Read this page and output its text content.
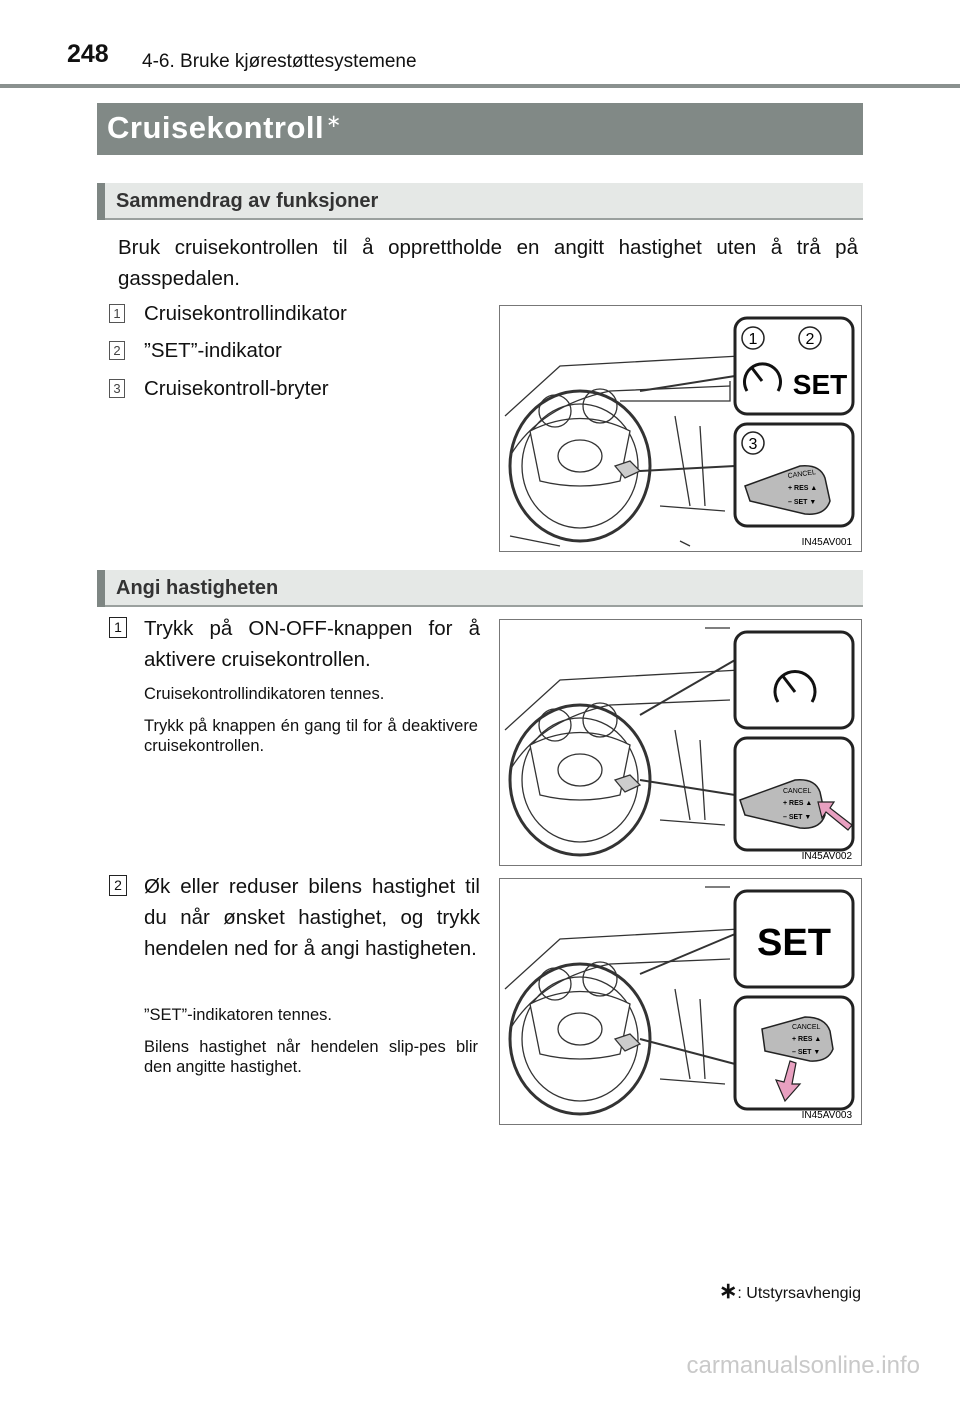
248 4-6. Bruke kjørestøttesystemene
Cruisekontroll ∗
Sammendrag av funksjoner
Bruk cruisekontrollen til å opprettholde en angitt hastighet uten å trå på gasspedalen.
1 Cruisekontrollindikator
2 ”SET”-indikator
3 Cruisekontroll-bryter
1	2
SET
3
CANCEL
+ RES ▲
– SET ▼
IN45AV001
Angi hastigheten
1 Trykk på ON-OFF-knappen for å aktivere cruisekontrollen.
Cruisekontrollindikatoren tennes.
Trykk på knappen én gang til for å deaktivere cruisekontrollen.
CANCEL
+ RES ▲
– SET ▼
IN45AV002
2 Øk eller reduser bilens hastighet til du når ønsket hastighet, og trykk hendelen ned for å angi hastigheten.
”SET”-indikatoren tennes.
Bilens hastighet når hendelen slip-pes blir den angitte hastighet.
SET
CANCEL
+ RES ▲
– SET ▼
IN45AV003
∗: Utstyrsavhengig
carmanualsonline.info
